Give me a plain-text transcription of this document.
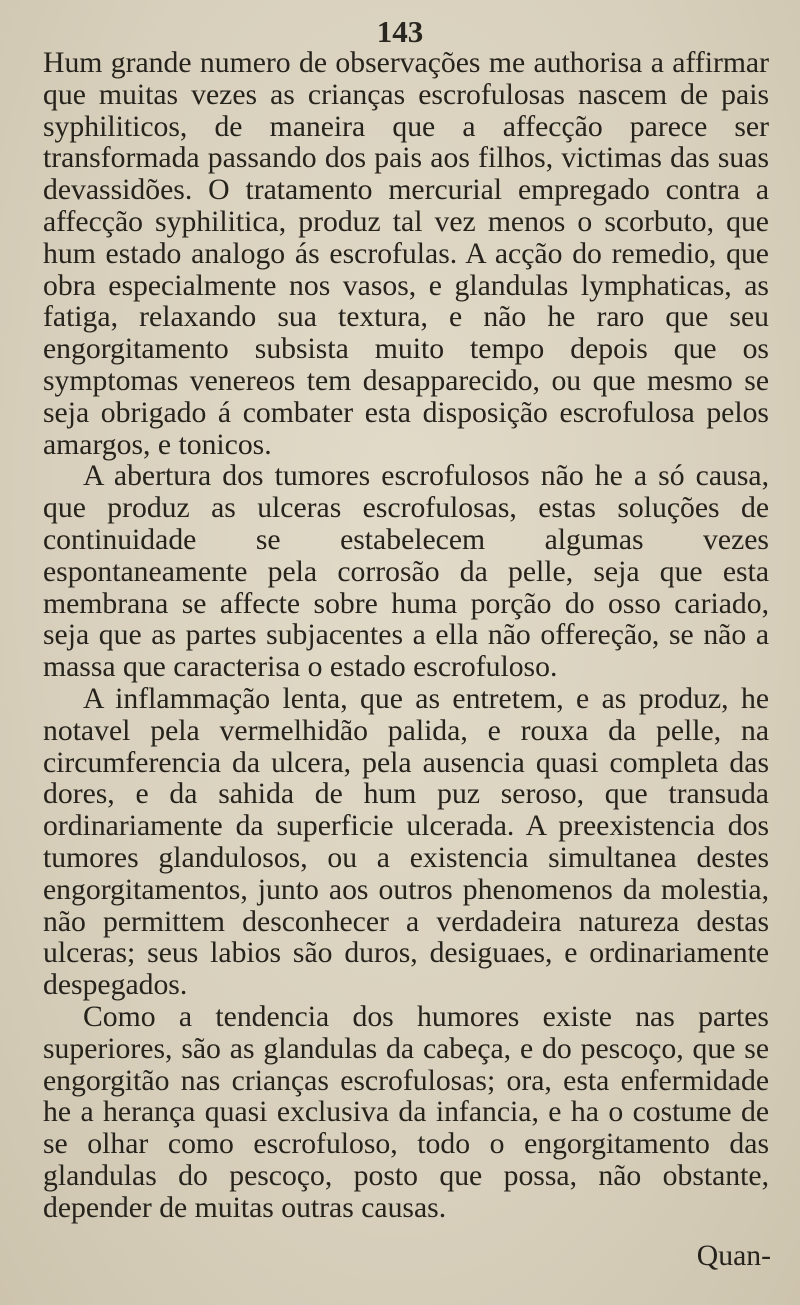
143

Hum grande numero de observações me authorisa a affirmar que muitas vezes as crianças escrofulosas nascem de pais syphiliticos, de maneira que a affecção parece ser transformada passando dos pais aos filhos, victimas das suas devassidões. O tratamento mercurial empregado contra a affecção syphilitica, produz tal vez menos o scorbuto, que hum estado analogo ás escrofulas. A acção do remedio, que obra especialmente nos vasos, e glandulas lymphaticas, as fatiga, relaxando sua textura, e não he raro que seu engorgitamento subsista muito tempo depois que os symptomas venereos tem desapparecido, ou que mesmo se seja obrigado á combater esta disposição escrofulosa pelos amargos, e tonicos.

A abertura dos tumores escrofulosos não he a só causa, que produz as ulceras escrofulosas, estas soluções de continuidade se estabelecem algumas vezes espontaneamente pela corrosão da pelle, seja que esta membrana se affecte sobre huma porção do osso cariado, seja que as partes subjacentes a ella não offereção, se não a massa que caracterisa o estado escrofuloso.

A inflammação lenta, que as entretem, e as produz, he notavel pela vermelhidão palida, e rouxa da pelle, na circumferencia da ulcera, pela ausencia quasi completa das dores, e da sahida de hum puz seroso, que transuda ordinariamente da superficie ulcerada. A preexistencia dos tumores glandulosos, ou a existencia simultanea destes engorgitamentos, junto aos outros phenomenos da molestia, não permittem desconhecer a verdadeira natureza destas ulceras; seus labios são duros, desiguaes, e ordinariamente despegados.

Como a tendencia dos humores existe nas partes superiores, são as glandulas da cabeça, e do pescoço, que se engorgitão nas crianças escrofulosas; ora, esta enfermidade he a herança quasi exclusiva da infancia, e ha o costume de se olhar como escrofuloso, todo o engorgitamento das glandulas do pescoço, posto que possa, não obstante, depender de muitas outras causas.

Quan-
